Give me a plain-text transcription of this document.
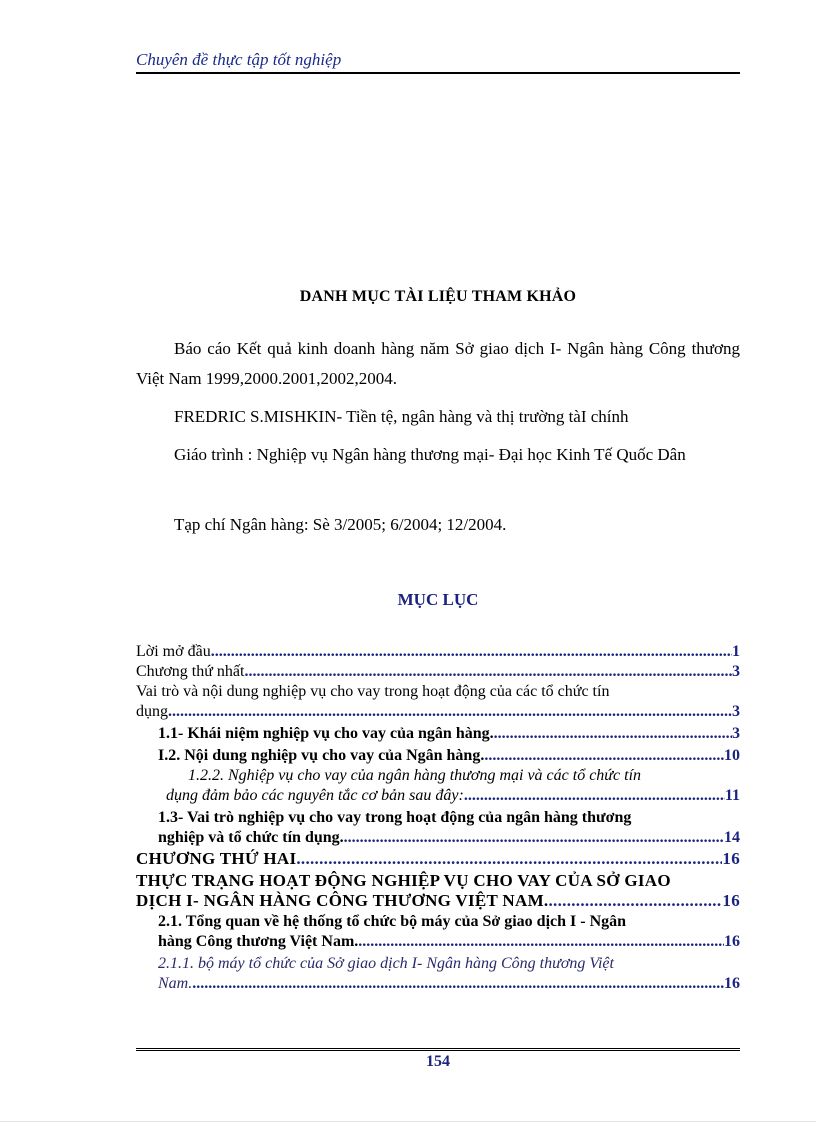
Chuyên đề thực tập tốt nghiệp
DANH MỤC TÀI LIỆU THAM KHẢO
Báo cáo Kết quả kinh doanh hàng năm Sở giao dịch I- Ngân hàng Công thương Việt Nam 1999,2000.2001,2002,2004.
FREDRIC S.MISHKIN- Tiền tệ, ngân hàng và thị trường tàI chính
Giáo trình : Nghiệp vụ Ngân hàng thương mại- Đại học Kinh Tế Quốc Dân
Tạp chí Ngân hàng: Sè 3/2005; 6/2004; 12/2004.
MỤC LỤC
Lời mở đầu .....	1
Chương thứ nhất .....	3
Vai trò và nội dung nghiệp vụ cho vay trong hoạt động của các tổ chức tín
dụng .....	3
1.1- Khái niệm nghiệp vụ cho vay của ngân hàng. .....	3
I.2. Nội dung nghiệp vụ cho vay của Ngân hàng. .....	10
1.2.2. Nghiệp vụ cho vay của ngân hàng thương mại và các tổ chức tín
dụng đảm bảo các nguyên tắc cơ bản sau đây: .....	11
1.3- Vai trò nghiệp vụ cho vay trong hoạt động của ngân hàng thương
nghiệp và tổ chức tín dụng. .....	14
CHƯƠNG THỨ HAI .....	16
THỰC TRẠNG HOẠT ĐỘNG NGHIỆP VỤ CHO VAY CỦA SỞ GIAO
DỊCH I- NGÂN HÀNG CÔNG THƯƠNG VIỆT NAM. .....	16
2.1. Tổng quan về hệ thống tổ chức bộ máy của Sở giao dịch I - Ngân
hàng Công thương Việt Nam. .....	16
2.1.1. bộ máy tổ chức của Sở giao dịch I- Ngân hàng Công thương Việt
Nam. .....	16
154
